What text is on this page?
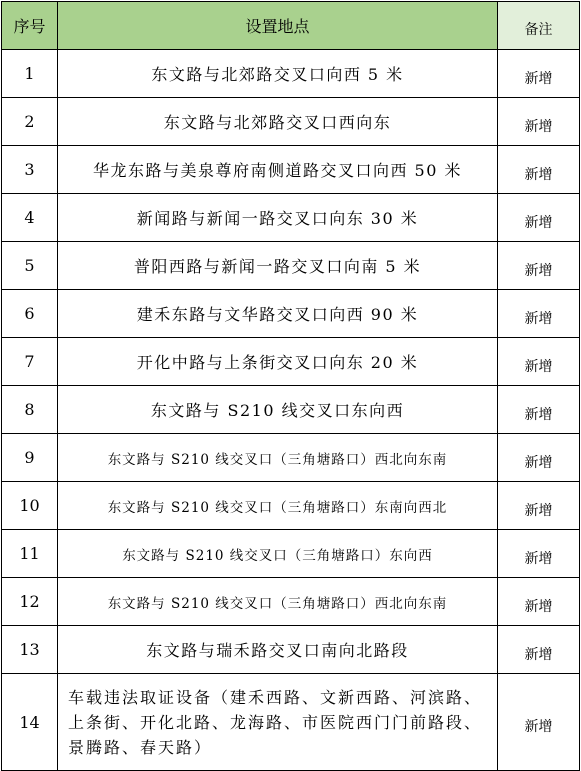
序号	设置地点	备注
1	东文路与北郊路交叉口向西 5 米	新增
2	东文路与北郊路交叉口西向东	新增
3	华龙东路与美泉尊府南侧道路交叉口向西 50 米	新增
4	新闻路与新闻一路交叉口向东 30 米	新增
5	普阳西路与新闻一路交叉口向南 5 米	新增
6	建禾东路与文华路交叉口向西 90 米	新增
7	开化中路与上条街交叉口向东 20 米	新增
8	东文路与 S210 线交叉口东向西	新增
9	东文路与 S210 线交叉口（三角塘路口）西北向东南	新增
10	东文路与 S210 线交叉口（三角塘路口）东南向西北	新增
11	东文路与 S210 线交叉口（三角塘路口）东向西	新增
12	东文路与 S210 线交叉口（三角塘路口）西北向东南	新增
13	东文路与瑞禾路交叉口南向北路段	新增
14	车载违法取证设备（建禾西路、文新西路、河滨路、上条街、开化北路、龙海路、市医院西门门前路段、景腾路、春天路）	新增
